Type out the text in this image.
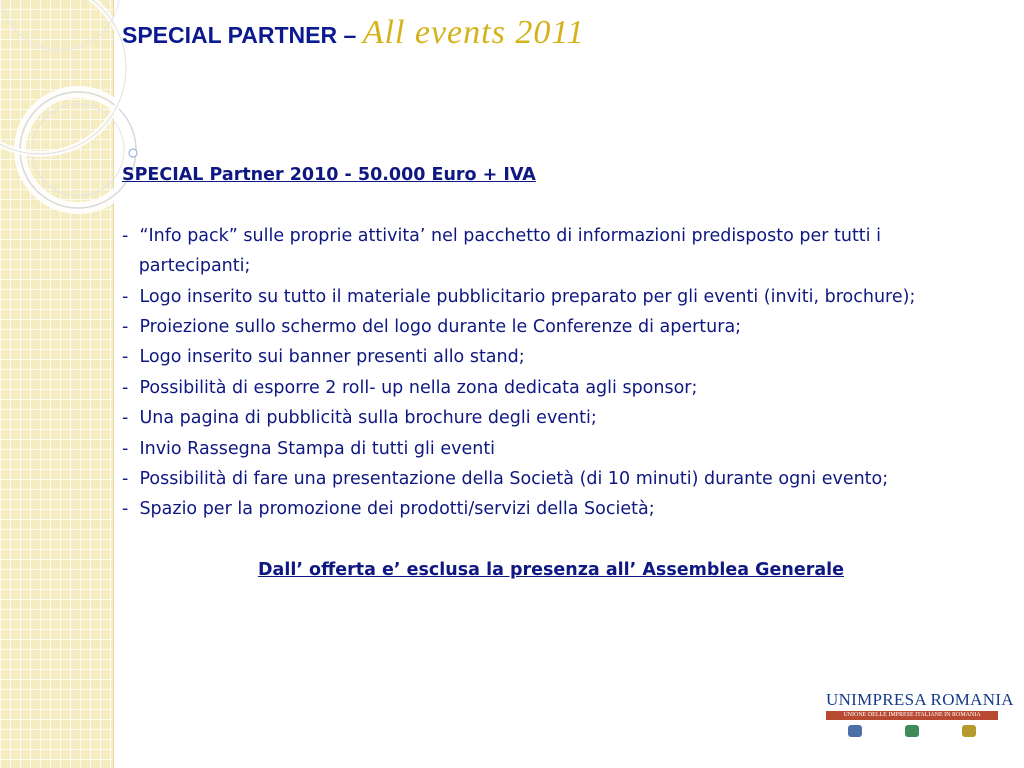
SPECIAL PARTNER – All events 2011
SPECIAL Partner 2010 - 50.000 Euro + IVA
-  “Info pack” sulle proprie attivita’ nel pacchetto di informazioni predisposto per tutti i
partecipanti;
-  Logo inserito su tutto il materiale pubblicitario preparato per gli eventi (inviti, brochure);
-  Proiezione sullo schermo del logo durante le Conferenze di apertura;
-  Logo inserito sui banner presenti allo stand;
-  Possibilità di esporre 2 roll- up nella zona dedicata agli sponsor;
-  Una pagina di pubblicità sulla brochure degli eventi;
-  Invio Rassegna Stampa di tutti gli eventi
-  Possibilità di fare una presentazione della Società (di 10 minuti) durante ogni evento;
-  Spazio per la promozione dei prodotti/servizi della Società;
Dall’ offerta e’ esclusa la presenza all’ Assemblea Generale
UNIMPRESA ROMANIA
UNIONE DELLE IMPRESE ITALIANE IN ROMANIA
